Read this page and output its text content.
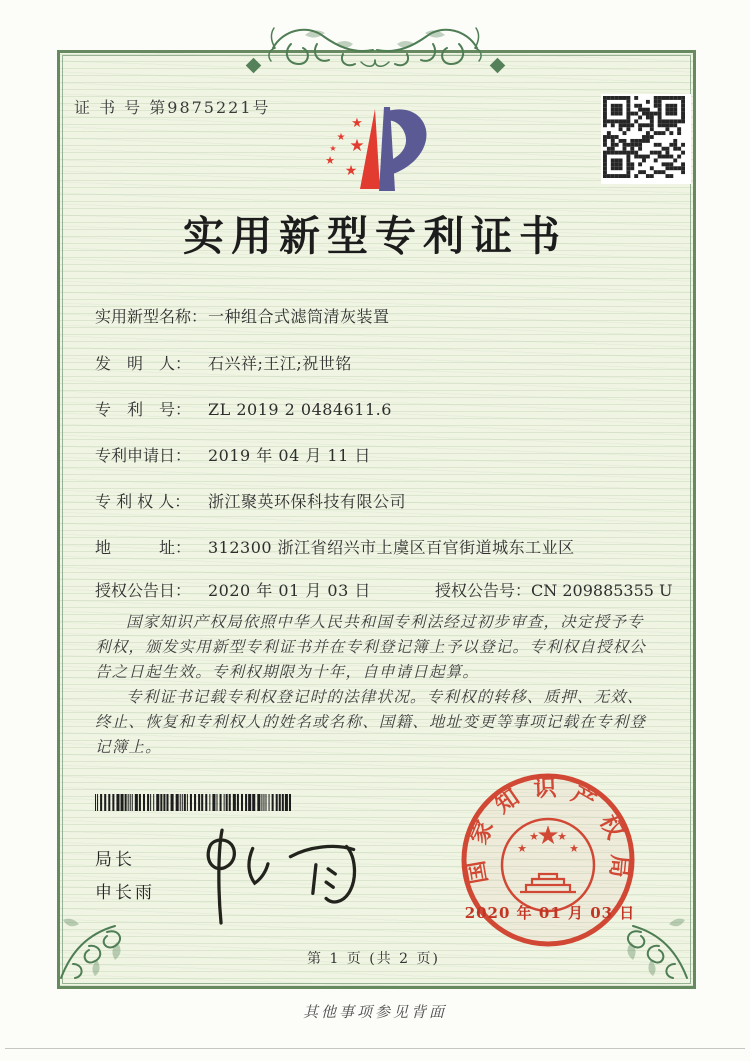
证 书 号 第9875221号
★
★
★ ★
★
★
实用新型专利证书
实用新型名称：一种组合式滤筒清灰装置
发　明　人： 石兴祥;王江;祝世铭
专　利　号： ZL 2019 2 0484611.6
专利申请日： 2019 年 04 月 11 日
专 利 权 人： 浙江聚英环保科技有限公司
地　　　址： 312300 浙江省绍兴市上虞区百官街道城东工业区
授权公告日： 2020 年 01 月 03 日	授权公告号：CN 209885355 U

国家知识产权局依照中华人民共和国专利法经过初步审查，决定授予专利权，颁发实用新型专利证书并在专利登记簿上予以登记。专利权自授权公告之日起生效。专利权期限为十年，自申请日起算。

专利证书记载专利权登记时的法律状况。专利权的转移、质押、无效、终止、恢复和专利权人的姓名或名称、国籍、地址变更等事项记载在专利登记簿上。

局长
申长雨
国家知识产权局
★
★
★ ★
★
2020 年 01 月 03 日
第 1 页 (共 2 页)
其他事项参见背面
